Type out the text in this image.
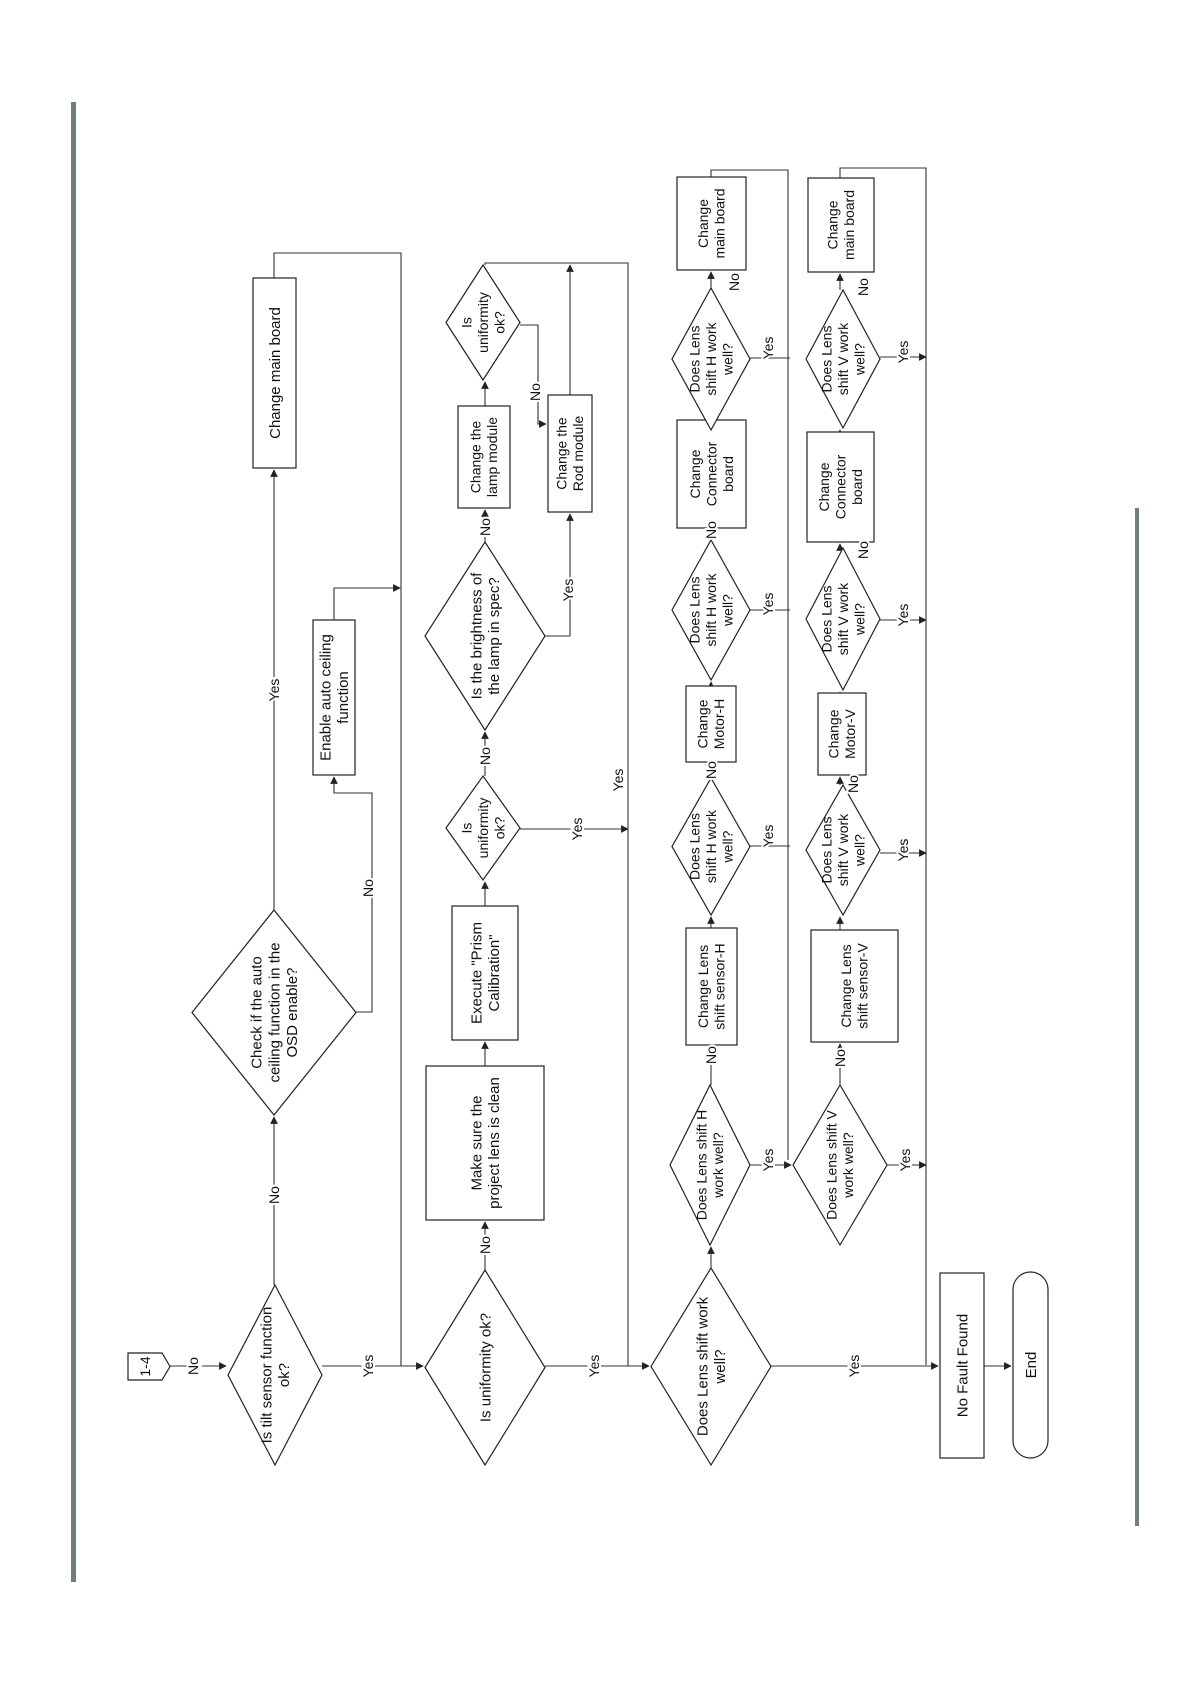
Is tilt sensor functionok?
Check if the autoceiling function in theOSD enable?
Enable auto ceilingfunction
Change main board
Is uniformity ok?
Make sure theproject lens is clean
Execute "PrismCalibration"
Isuniformityok?
Is the brightness ofthe lamp in spec?
Change thelamp module	Change theRod module
Isuniformityok?
Does Lens shift workwell?
Does Lens shift Hwork well?
Change Lensshift sensor-H
Does Lensshift H workwell?
ChangeMotor-H
Does Lensshift H workwell?
ChangeConnectorboard
Does Lensshift H workwell?
Changemain board
Does Lens shift Vwork well?
Change Lensshift sensor-V
Does Lensshift V workwell?
ChangeMotor-V
Does Lensshift V workwell?
ChangeConnectorboard
Does Lensshift V workwell?
Changemain board
No Fault Found	End
1-4 No
No
Yes
No
Yes
No
Yes
No
Yes
No
Yes
No
Yes
No
No
No
No
Yes
Yes
Yes
Yes
Yes
No
No
No
No
Yes
Yes
Yes
Yes
